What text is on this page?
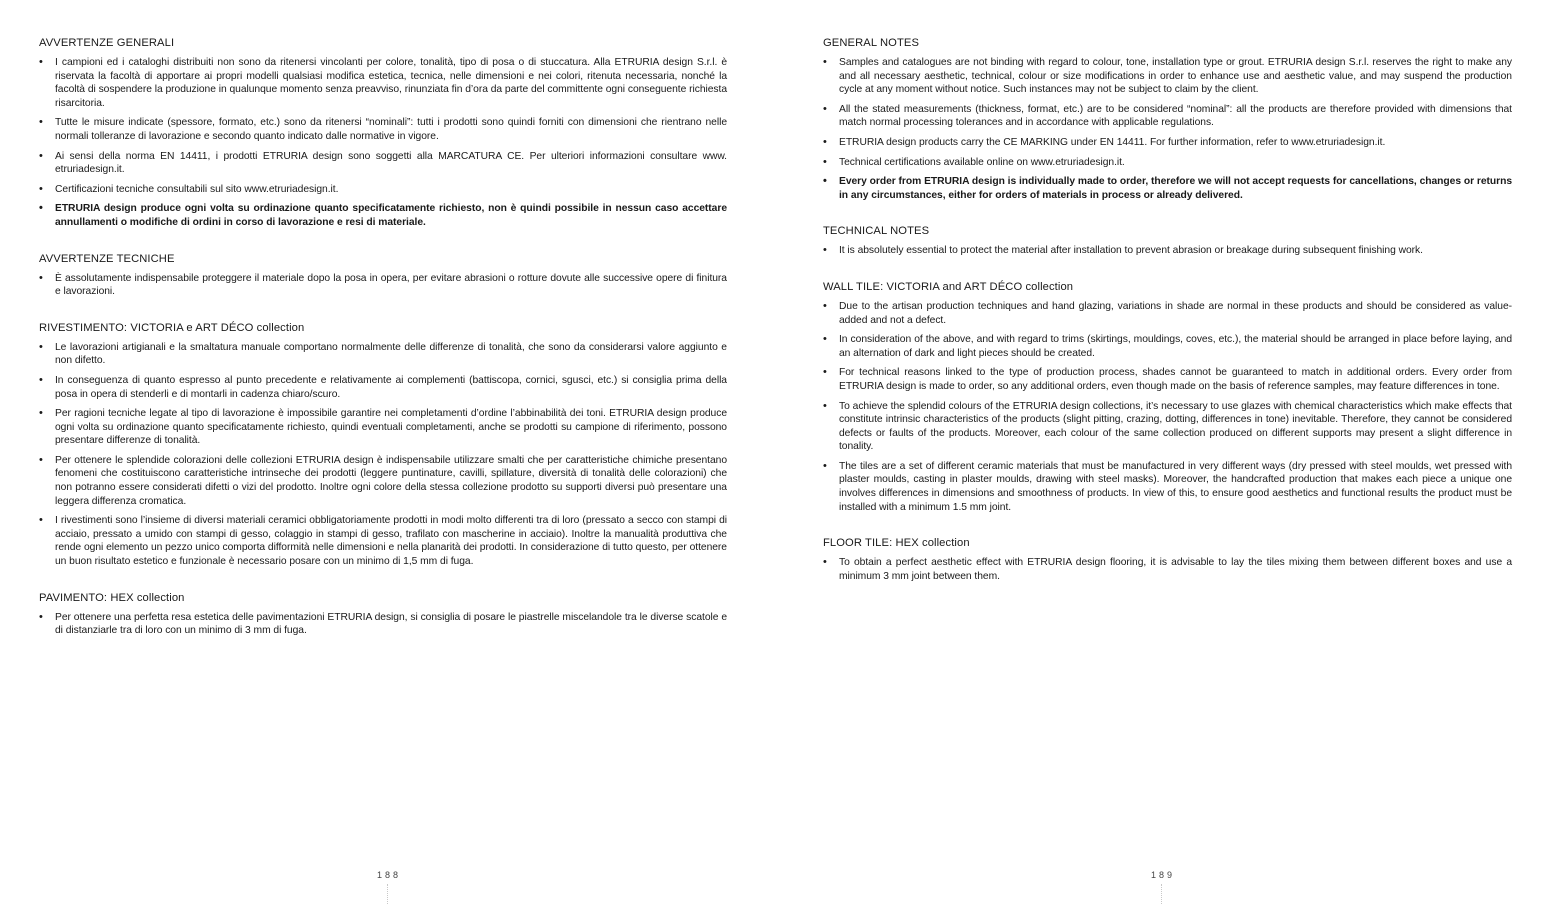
AVVERTENZE GENERALI
• I campioni ed i cataloghi distribuiti non sono da ritenersi vincolanti per colore, tonalità, tipo di posa o di stuccatura. Alla ETRURIA design S.r.l. è riservata la facoltà di apportare ai propri modelli qualsiasi modifica estetica, tecnica, nelle dimensioni e nei colori, ritenuta necessaria, nonché la facoltà di sospendere la produzione in qualunque momento senza preavviso, rinunziata fin d’ora da parte del committente ogni conseguente richiesta risarcitoria.
• Tutte le misure indicate (spessore, formato, etc.) sono da ritenersi “nominali”: tutti i prodotti sono quindi forniti con dimensioni che rientrano nelle normali tolleranze di lavorazione e secondo quanto indicato dalle normative in vigore.
• Ai sensi della norma EN 14411, i prodotti ETRURIA design sono soggetti alla MARCATURA CE. Per ulteriori informazioni consultare www. etruriadesign.it.
• Certificazioni tecniche consultabili sul sito www.etruriadesign.it.
• ETRURIA design produce ogni volta su ordinazione quanto specificatamente richiesto, non è quindi possibile in nessun caso accettare annullamenti o modifiche di ordini in corso di lavorazione e resi di materiale.
AVVERTENZE TECNICHE
• È assolutamente indispensabile proteggere il materiale dopo la posa in opera, per evitare abrasioni o rotture dovute alle successive opere di finitura e lavorazioni.
RIVESTIMENTO: VICTORIA e ART DÉCO collection
• Le lavorazioni artigianali e la smaltatura manuale comportano normalmente delle differenze di tonalità, che sono da considerarsi valore aggiunto e non difetto.
• In conseguenza di quanto espresso al punto precedente e relativamente ai complementi (battiscopa, cornici, sgusci, etc.) si consiglia prima della posa in opera di stenderli e di montarli in cadenza chiaro/scuro.
• Per ragioni tecniche legate al tipo di lavorazione è impossibile garantire nei completamenti d’ordine l’abbinabilità dei toni. ETRURIA design produce ogni volta su ordinazione quanto specificatamente richiesto, quindi eventuali completamenti, anche se prodotti su campione di riferimento, possono presentare differenze di tonalità.
• Per ottenere le splendide colorazioni delle collezioni ETRURIA design è indispensabile utilizzare smalti che per caratteristiche chimiche presentano fenomeni che costituiscono caratteristiche intrinseche dei prodotti (leggere puntinature, cavilli, spillature, diversità di tonalità delle colorazioni) che non potranno essere considerati difetti o vizi del prodotto. Inoltre ogni colore della stessa collezione prodotto su supporti diversi può presentare una leggera differenza cromatica.
• I rivestimenti sono l’insieme di diversi materiali ceramici obbligatoriamente prodotti in modi molto differenti tra di loro (pressato a secco con stampi di acciaio, pressato a umido con stampi di gesso, colaggio in stampi di gesso, trafilato con mascherine in acciaio). Inoltre la manualità produttiva che rende ogni elemento un pezzo unico comporta difformità nelle dimensioni e nella planarità dei prodotti. In considerazione di tutto questo, per ottenere un buon risultato estetico e funzionale è necessario posare con un minimo di 1,5 mm di fuga.
PAVIMENTO: HEX collection
• Per ottenere una perfetta resa estetica delle pavimentazioni ETRURIA design, si consiglia di posare le piastrelle miscelandole tra le diverse scatole e di distanziarle tra di loro con un minimo di 3 mm di fuga.
188
GENERAL NOTES
• Samples and catalogues are not binding with regard to colour, tone, installation type or grout. ETRURIA design S.r.l. reserves the right to make any and all necessary aesthetic, technical, colour or size modifications in order to enhance use and aesthetic value, and may suspend the production cycle at any moment without notice. Such instances may not be subject to claim by the client.
• All the stated measurements (thickness, format, etc.) are to be considered “nominal”: all the products are therefore provided with dimensions that match normal processing tolerances and in accordance with applicable regulations.
• ETRURIA design products carry the CE MARKING under EN 14411. For further information, refer to www.etruriadesign.it.
• Technical certifications available online on www.etruriadesign.it.
• Every order from ETRURIA design is individually made to order, therefore we will not accept requests for cancellations, changes or returns in any circumstances, either for orders of materials in process or already delivered.
TECHNICAL NOTES
• It is absolutely essential to protect the material after installation to prevent abrasion or breakage during subsequent finishing work.
WALL TILE: VICTORIA and ART DÉCO collection
• Due to the artisan production techniques and hand glazing, variations in shade are normal in these products and should be considered as value-added and not a defect.
• In consideration of the above, and with regard to trims (skirtings, mouldings, coves, etc.), the material should be arranged in place before laying, and an alternation of dark and light pieces should be created.
• For technical reasons linked to the type of production process, shades cannot be guaranteed to match in additional orders. Every order from ETRURIA design is made to order, so any additional orders, even though made on the basis of reference samples, may feature differences in tone.
• To achieve the splendid colours of the ETRURIA design collections, it’s necessary to use glazes with chemical characteristics which make effects that constitute intrinsic characteristics of the products (slight pitting, crazing, dotting, differences in tone) inevitable. Therefore, they cannot be considered defects or faults of the products. Moreover, each colour of the same collection produced on different supports may present a slight difference in tonality.
• The tiles are a set of different ceramic materials that must be manufactured in very different ways (dry pressed with steel moulds, wet pressed with plaster moulds, casting in plaster moulds, drawing with steel masks). Moreover, the handcrafted production that makes each piece a unique one involves differences in dimensions and smoothness of products. In view of this, to ensure good aesthetics and functional results the product must be installed with a minimum 1.5 mm joint.
FLOOR TILE: HEX collection
• To obtain a perfect aesthetic effect with ETRURIA design flooring, it is advisable to lay the tiles mixing them between different boxes and use a minimum 3 mm joint between them.
189
